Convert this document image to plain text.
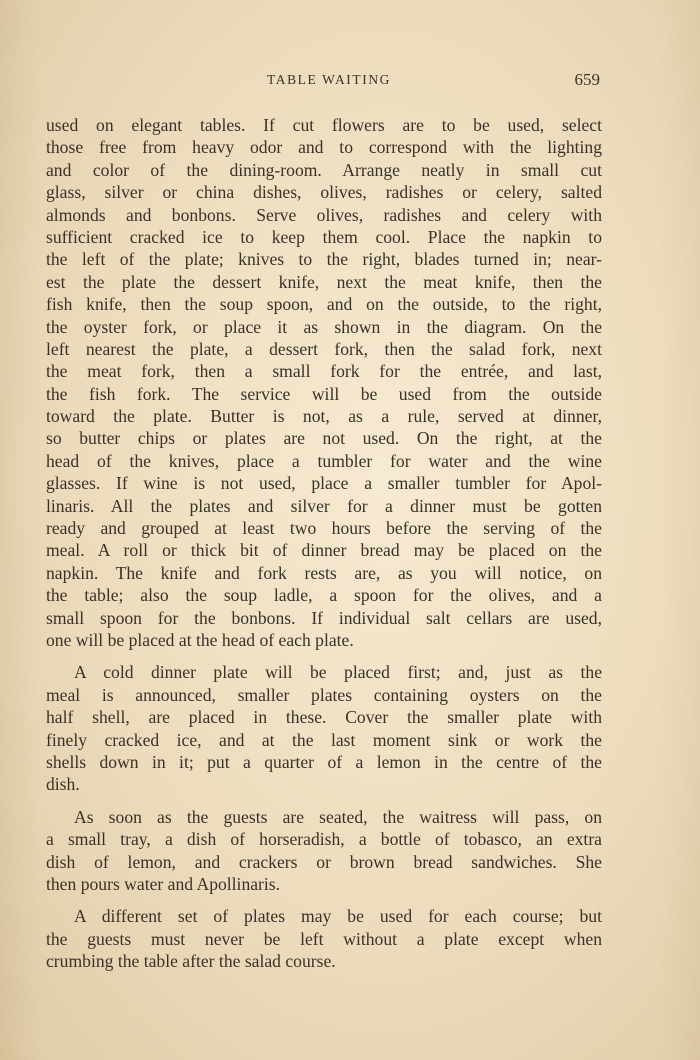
TABLE WAITING	659
used on elegant tables. If cut flowers are to be used, select
those free from heavy odor and to correspond with the lighting
and color of the dining-room. Arrange neatly in small cut
glass, silver or china dishes, olives, radishes or celery, salted
almonds and bonbons. Serve olives, radishes and celery with
sufficient cracked ice to keep them cool. Place the napkin to
the left of the plate; knives to the right, blades turned in; near-
est the plate the dessert knife, next the meat knife, then the
fish knife, then the soup spoon, and on the outside, to the right,
the oyster fork, or place it as shown in the diagram. On the
left nearest the plate, a dessert fork, then the salad fork, next
the meat fork, then a small fork for the entrée, and last,
the fish fork. The service will be used from the outside
toward the plate. Butter is not, as a rule, served at dinner,
so butter chips or plates are not used. On the right, at the
head of the knives, place a tumbler for water and the wine
glasses. If wine is not used, place a smaller tumbler for Apol-
linaris. All the plates and silver for a dinner must be gotten
ready and grouped at least two hours before the serving of the
meal. A roll or thick bit of dinner bread may be placed on the
napkin. The knife and fork rests are, as you will notice, on
the table; also the soup ladle, a spoon for the olives, and a
small spoon for the bonbons. If individual salt cellars are used,
one will be placed at the head of each plate.
A cold dinner plate will be placed first; and, just as the
meal is announced, smaller plates containing oysters on the
half shell, are placed in these. Cover the smaller plate with
finely cracked ice, and at the last moment sink or work the
shells down in it; put a quarter of a lemon in the centre of the
dish.
As soon as the guests are seated, the waitress will pass, on
a small tray, a dish of horseradish, a bottle of tobasco, an extra
dish of lemon, and crackers or brown bread sandwiches. She
then pours water and Apollinaris.
A different set of plates may be used for each course; but
the guests must never be left without a plate except when
crumbing the table after the salad course.
